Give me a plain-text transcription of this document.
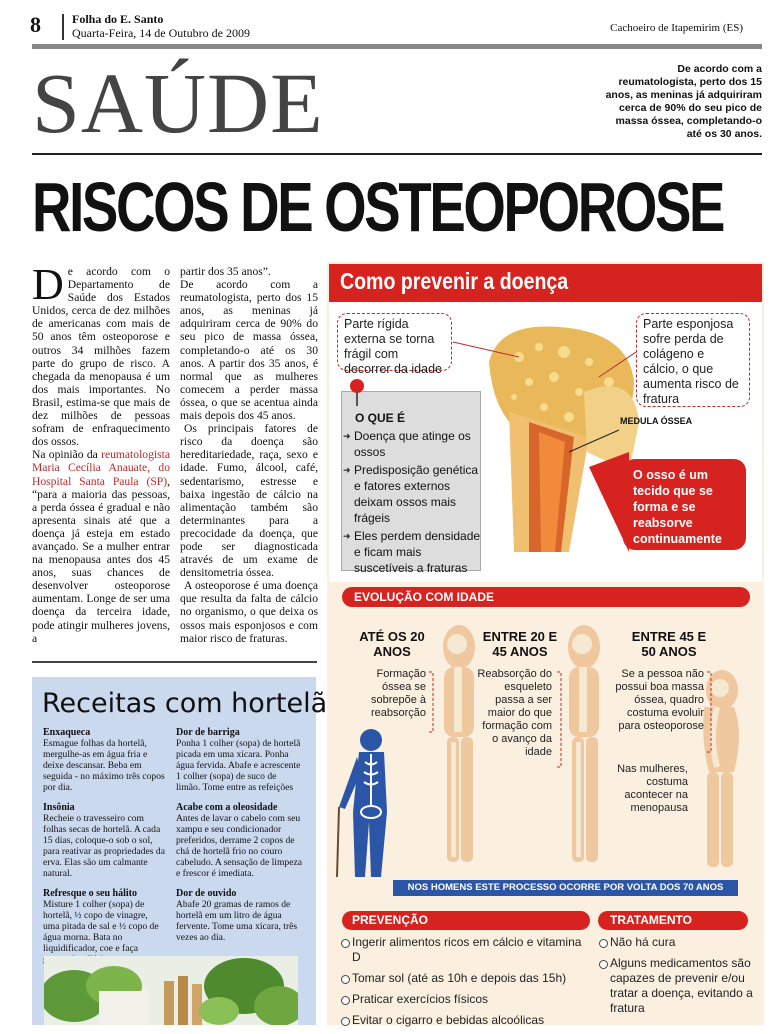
8	Folha do E. Santo
Quarta-Feira, 14 de Outubro de 2009	Cachoeiro de Itapemirim (ES)
SAÚDE	De acordo com a reumatologista, perto dos 15 anos, as meninas já adquiriram cerca de 90% do seu pico de massa óssea, completando-o até os 30 anos.
RISCOS DE OSTEOPOROSE

De acordo com o Departamento de Saúde dos Estados Unidos, cerca de dez milhões de americanas com mais de 50 anos têm osteoporose e outros 34 milhões fazem parte do grupo de risco. A chegada da menopausa é um dos mais importantes. No Brasil, estima-se que mais de dez milhões de pessoas sofram de enfraquecimento dos ossos.

Na opinião da reumatologista Maria Cecília Anauate, do Hospital Santa Paula (SP), “para a maioria das pessoas, a perda óssea é gradual e não apresenta sinais até que a doença já esteja em estado avançado. Se a mulher entrar na menopausa antes dos 45 anos, suas chances de desenvolver osteoporose aumentam. Longe de ser uma doença da terceira idade, pode atingir mulheres jovens, a

partir dos 35 anos”.

De acordo com a reumatologista, perto dos 15 anos, as meninas já adquiriram cerca de 90% do seu pico de massa óssea, completando-o até os 30 anos. A partir dos 35 anos, é normal que as mulheres comecem a perder massa óssea, o que se acentua ainda mais depois dos 45 anos.

Os principais fatores de risco da doença são hereditariedade, raça, sexo e idade. Fumo, álcool, café, sedentarismo, estresse e baixa ingestão de cálcio na alimentação também são determinantes para a precocidade da doença, que pode ser diagnosticada através de um exame de densitometria óssea.

A osteoporose é uma doença que resulta da falta de cálcio no organismo, o que deixa os ossos mais esponjosos e com maior risco de fraturas.

Receitas com hortelã

Enxaqueca
Esmague folhas da hortelã, mergulhe-as em água fria e deixe descansar. Beba em seguida - no máximo três copos por dia.

Insônia
Recheie o travesseiro com folhas secas de hortelã. A cada 15 dias, coloque-o sob o sol, para reativar as propriedades da erva. Elas são um calmante natural.

Refresque o seu hálito
Misture 1 colher (sopa) de hortelã, ½ copo de vinagre, uma pitada de sal e ½ copo de água morna. Bata no liquidificador, coe e faça

Dor de barriga
Ponha 1 colher (sopa) de hortelã picada em uma xícara. Ponha água fervida. Abafe e acrescente 1 colher (sopa) de suco de limão. Tome entre as refeições

Acabe com a oleosidade
Antes de lavar o cabelo com seu xampu e seu condicionador preferidos, derrame 2 copos de chá de hortelã frio no couro cabeludo. A sensação de limpeza e frescor é imediata.

Dor de ouvido
Abafe 20 gramas de ramos de hortelã em um litro de água fervente. Tome uma xícara, três vezes ao dia.

Como prevenir a doença
Parte rígida externa se torna frágil com decorrer da idade
Parte esponjosa sofre perda de colágeno e cálcio, o que aumenta risco de fratura
MEDULA ÓSSEA
O QUE É
➜ Doença que atinge os ossos
➜ Predisposição genética e fatores externos deixam ossos mais frágeis
➜ Eles perdem densidade e ficam mais suscetíveis a fraturas
O osso é um tecido que se forma e se reabsorve continuamente
EVOLUÇÃO COM IDADE
ATÉ OS 20 ANOS
ENTRE 20 E 45 ANOS
ENTRE 45 E 50 ANOS
Formação óssea se sobrepõe à reabsorção
Reabsorção do esqueleto passa a ser maior do que formação com o avanço da idade
Se a pessoa não possui boa massa óssea, quadro costuma evoluir para osteoporose
Nas mulheres, costuma acontecer na menopausa
NOS HOMENS ESTE PROCESSO OCORRE POR VOLTA DOS 70 ANOS
PREVENÇÃO	TRATAMENTO
Ingerir alimentos ricos em cálcio e vitamina D
Tomar sol (até as 10h e depois das 15h)
Praticar exercícios físicos
Evitar o cigarro e bebidas alcoólicas
Não há cura
Alguns medicamentos são capazes de prevenir e/ou tratar a doença, evitando a fratura
